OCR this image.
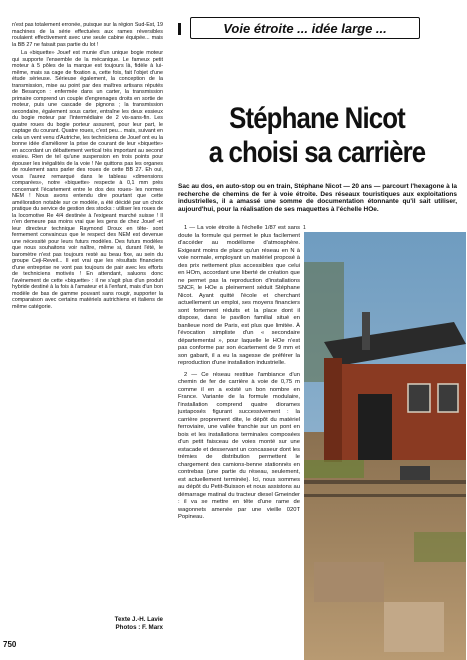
Voie étroite ... idée large ...

n'est pas totalement erronée, puisque sur la région Sud-Est, 19 machines de la série effectuées aux rames réversibles roulaient effectivement avec une seule cabine équipée... mais la BB 27 ne faisait pas partie du lot !

La «biquette» Jouef est munie d'un unique bogie moteur qui supporte l'ensemble de la mécanique. Le fameux petit moteur à 5 pôles de la marque est toujours là, fidèle à lui-même, mais sa cage de fixation a, cette fois, fait l'objet d'une étude sérieuse. Sérieuse également, la conception de la transmission, mise au point par des maîtres artisans réputés de Besançon : enfermée dans un carter, la transmission primaire comprend un couple d'engrenages droits en sortie de moteur, puis une cascade de pignons ; la transmission secondaire, également sous carter, entraîne les deux essieux du bogie moteur par l'intermédiaire de 2 vis-sans-fin. Les quatre roues du bogie porteur assurent, pour leur part, le captage du courant. Quatre roues, c'est peu... mais, suivant en cela un vent venu d'Autriche, les techniciens de Jouef ont eu la bonne idée d'améliorer la prise de courant de leur «biquette» en accordant un débattement vertical très important au second essieu. Rien de tel qu'une suspension en trois points pour épouser les inégalités de la voie ! Ne quittons pas les organes de roulement sans parler des roues de cette BB 27. Eh oui, vous l'aurez remarqué dans le tableau «dimensions comparées», notre «biquette» respecte à 0,1 mm près concernant l'écartement entre le dos des roues- les normes NEM ! Nous avons entendu dire pourtant que cette amélioration notable sur ce modèle, a été décidé par un choix pratique du service de gestion des stocks : utiliser les roues de la locomotive Re 4/4 destinée à l'exigeant marché suisse ! Il n'en demeure pas moins vrai que les gens de chez Jouef -et leur directeur technique Raymond Droux en tête- sont fermement convaincus que le respect des NEM est devenue une nécessité pour leurs futurs modèles. Des futurs modèles que nous souhaitons voir naître, même si, durant l'été, le baromètre n'est pas toujours resté au beau fixe, au sein du groupe Ceji-Reveil... Il est vrai que les résultats financiers d'une entreprise ne vont pas toujours de pair avec les efforts de techniciens motivés ! En attendant, saluons donc l'avènement de cette «biquette» : il ne s'agit plus d'un produit hybride destiné à la fois à l'amateur et à l'enfant, mais d'un bon modèle de bas de gamme pouvant sans rougir, supporter la comparaison avec certains matériels autrichiens et italiens de même catégorie.

Texte J.-H. Lavie
Photos : F. Marx
Stéphane Nicot
a choisi sa carrière
Sac au dos, en auto-stop ou en train, Stéphane Nicot — 20 ans — parcourt l'hexagone à la recherche de chemins de fer à voie étroite. Des réseaux touristiques aux exploitations industrielles, il a amassé une somme de documentation étonnante qu'il sait utiliser, aujourd'hui, pour la réalisation de ses maquettes à l'échelle HOe.

1 — La voie étroite à l'échelle 1/87 est sans doute la formule qui permet le plus facilement d'accéder au modélisme d'atmosphère. Exigeant moins de place qu'un réseau en N à voie normale, employant un matériel proposé à des prix nettement plus accessibles que celui en HOm, accordant une liberté de création que ne permet pas la reproduction d'installations SNCF, le HOe a pleinement séduit Stéphane Nicot. Ayant quitté l'école et cherchant actuellement un emploi, ses moyens financiers sont fortement réduits et la place dont il dispose, dans le pavillon familial situé en banlieue nord de Paris, est plus que limitée. À l'évocation simpliste d'un « secondaire départemental », pour laquelle le HOe n'est pas conforme par son écartement de 9 mm et son gabarit, il a eu la sagesse de préférer la reproduction d'une installation industrielle.

2 — Ce réseau restitue l'ambiance d'un chemin de fer de carrière à voie de 0,75 m comme il en a existé un bon nombre en France. Variante de la formule modulaire, l'installation comprend quatre diorames juxtaposés figurant successivement : la carrière proprement dite, le dépôt du matériel ferroviaire, une vallée franchie sur un pont en bois et les installations terminales composées d'un petit faisceau de voies monté sur une estacade et desservant un concasseur dont les trémies de distribution permettent le chargement des camions-benne stationnés en contrebas (une partie du réseau, seulement, est actuellement terminée). Ici, nous sommes au dépôt du Petit-Buisson et nous assistons au démarrage matinal du tracteur diesel Gmeinder : il va se mettre en tête d'une rame de wagonnets amenée par une vieille 020T Popineau.

1
750
